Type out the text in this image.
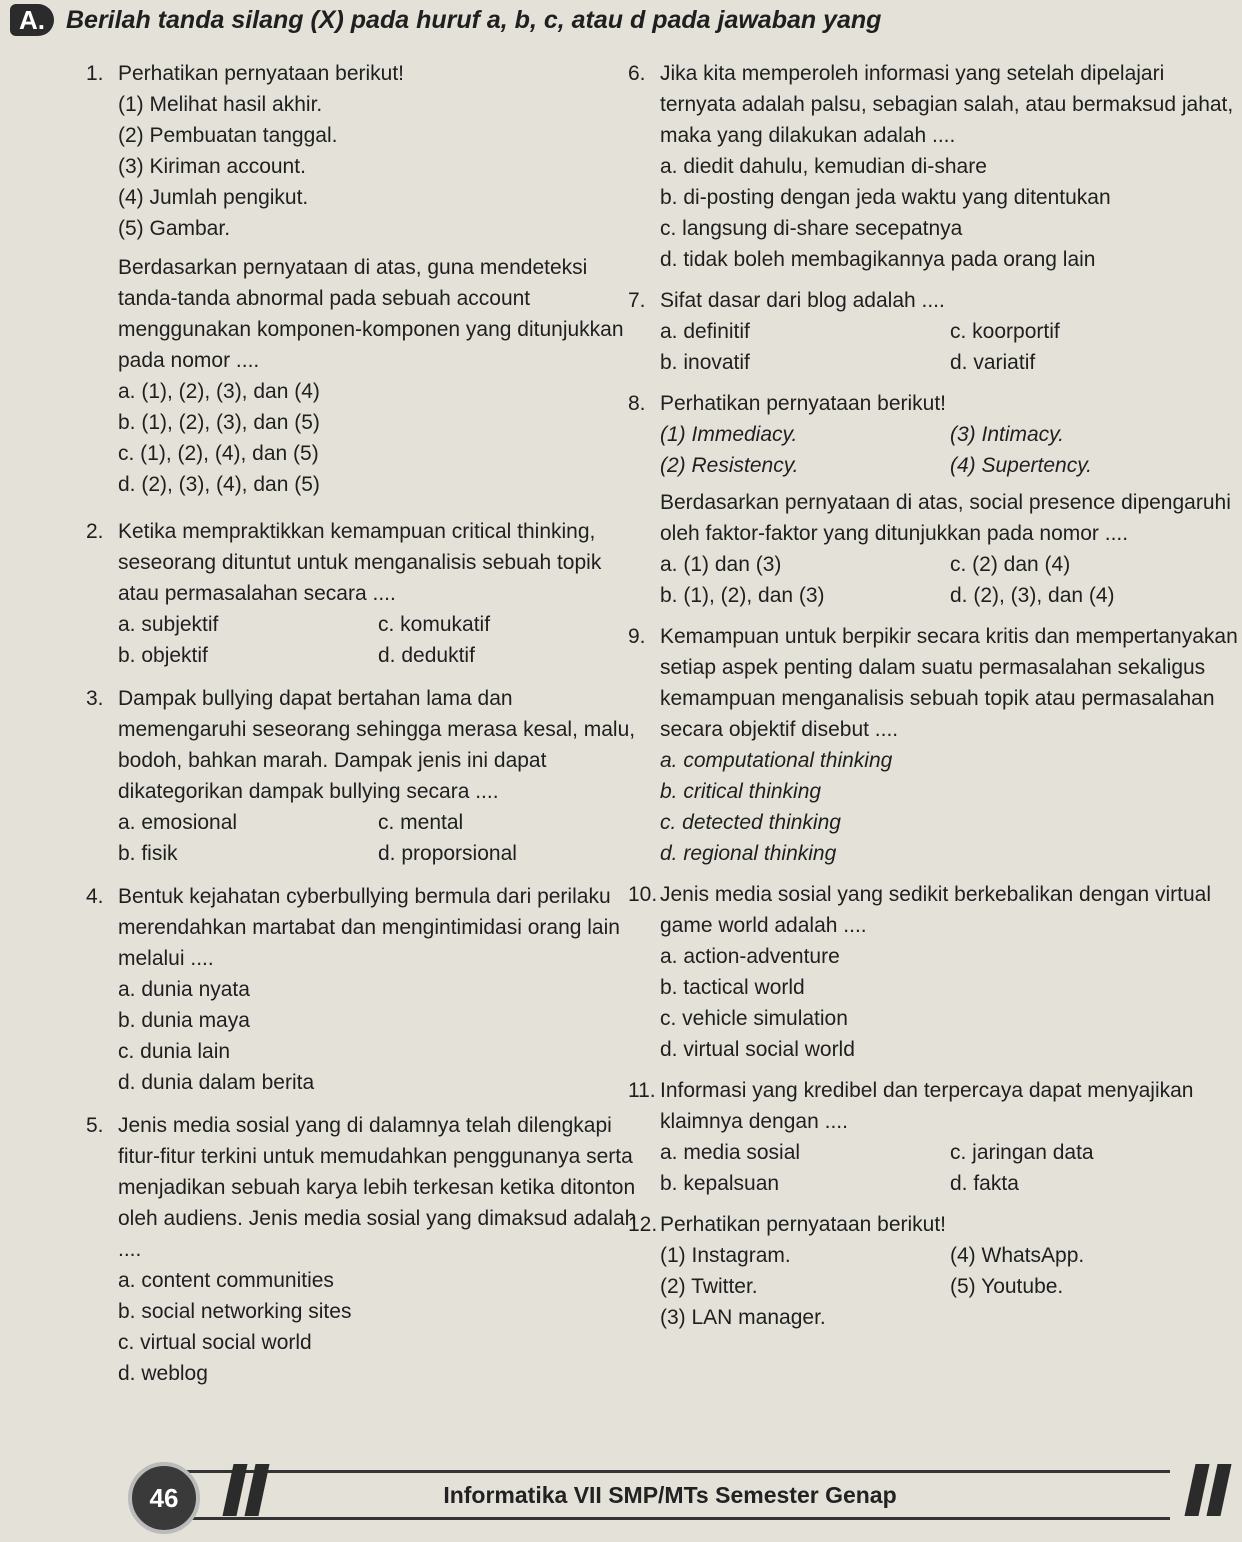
A. Berilah tanda silang (X) pada huruf a, b, c, atau d pada jawaban yang
1. Perhatikan pernyataan berikut!
(1) Melihat hasil akhir.
(2) Pembuatan tanggal.
(3) Kiriman account.
(4) Jumlah pengikut.
(5) Gambar.
Berdasarkan pernyataan di atas, guna mendeteksi tanda-tanda abnormal pada sebuah account menggunakan komponen-komponen yang ditunjukkan pada nomor ....
a. (1), (2), (3), dan (4)
b. (1), (2), (3), dan (5)
c. (1), (2), (4), dan (5)
d. (2), (3), (4), dan (5)
2. Ketika mempraktikkan kemampuan critical thinking, seseorang dituntut untuk menganalisis sebuah topik atau permasalahan secara ....
a. subjektif	c. komukatif
b. objektif	d. deduktif
3. Dampak bullying dapat bertahan lama dan memengaruhi seseorang sehingga merasa kesal, malu, bodoh, bahkan marah. Dampak jenis ini dapat dikategorikan dampak bullying secara ....
a. emosional	c. mental
b. fisik	d. proporsional
4. Bentuk kejahatan cyberbullying bermula dari perilaku merendahkan martabat dan mengintimidasi orang lain melalui ....
a. dunia nyata
b. dunia maya
c. dunia lain
d. dunia dalam berita
5. Jenis media sosial yang di dalamnya telah dilengkapi fitur-fitur terkini untuk memudahkan penggunanya serta menjadikan sebuah karya lebih terkesan ketika ditonton oleh audiens. Jenis media sosial yang dimaksud adalah ....
a. content communities
b. social networking sites
c. virtual social world
d. weblog
6. Jika kita memperoleh informasi yang setelah dipelajari ternyata adalah palsu, sebagian salah, atau bermaksud jahat, maka yang dilakukan adalah ....
a. diedit dahulu, kemudian di-share
b. di-posting dengan jeda waktu yang ditentukan
c. langsung di-share secepatnya
d. tidak boleh membagikannya pada orang lain
7. Sifat dasar dari blog adalah ....
a. definitif	c. koorportif
b. inovatif	d. variatif
8. Perhatikan pernyataan berikut!
(1) Immediacy.	(3) Intimacy.
(2) Resistency.	(4) Supertency.
Berdasarkan pernyataan di atas, social presence dipengaruhi oleh faktor-faktor yang ditunjukkan pada nomor ....
a. (1) dan (3)	c. (2) dan (4)
b. (1), (2), dan (3)	d. (2), (3), dan (4)
9. Kemampuan untuk berpikir secara kritis dan mempertanyakan setiap aspek penting dalam suatu permasalahan sekaligus kemampuan menganalisis sebuah topik atau permasalahan secara objektif disebut ....
a. computational thinking
b. critical thinking
c. detected thinking
d. regional thinking
10. Jenis media sosial yang sedikit berkebalikan dengan virtual game world adalah ....
a. action-adventure
b. tactical world
c. vehicle simulation
d. virtual social world
11. Informasi yang kredibel dan terpercaya dapat menyajikan klaimnya dengan ....
a. media sosial	c. jaringan data
b. kepalsuan	d. fakta
12. Perhatikan pernyataan berikut!
(1) Instagram.	(4) WhatsApp.
(2) Twitter.	(5) Youtube.
(3) LAN manager.
Informatika VII SMP/MTs Semester Genap
46
